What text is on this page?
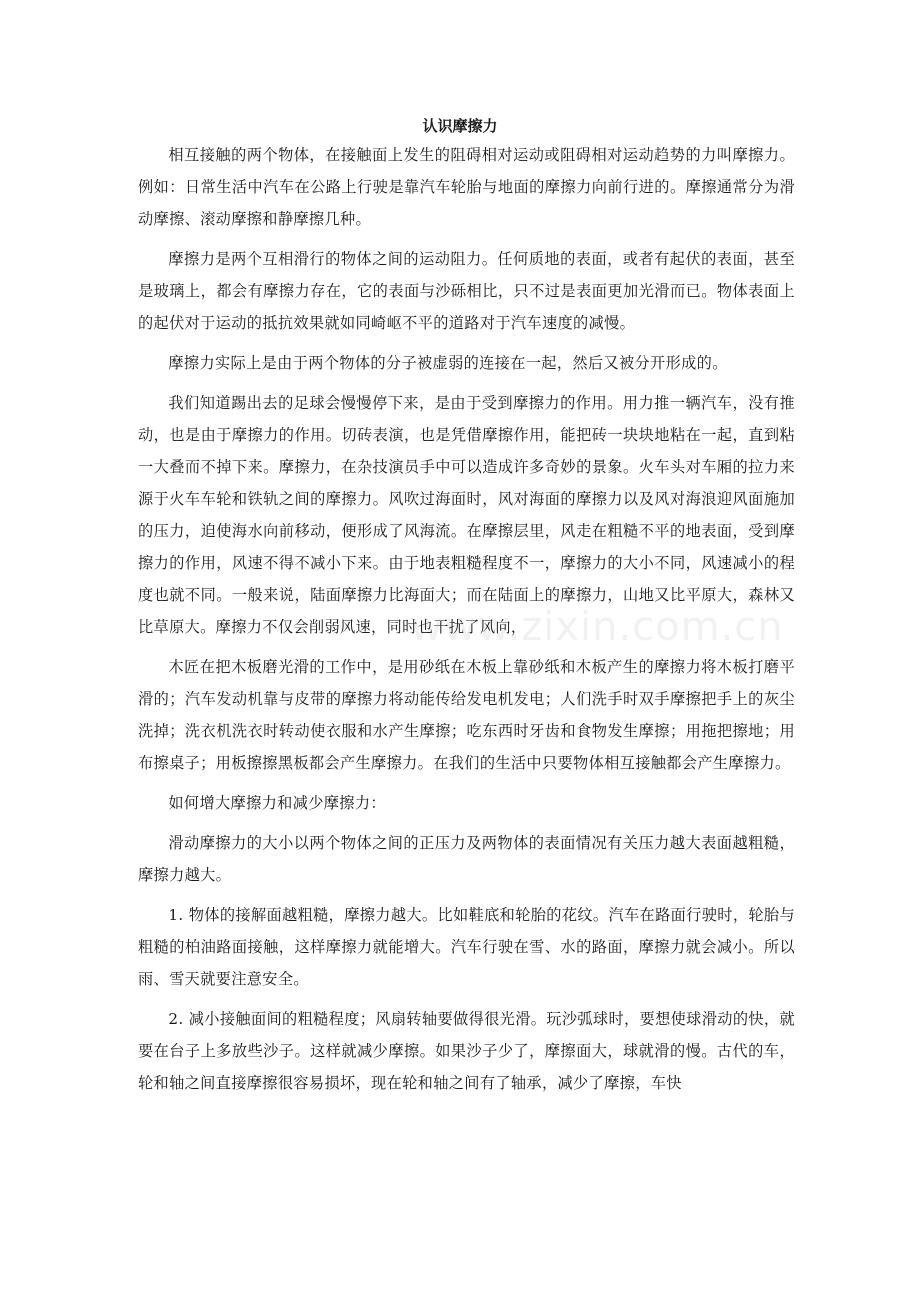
认识摩擦力

相互接触的两个物体，在接触面上发生的阻碍相对运动或阻碍相对运动趋势的力叫摩擦力。例如：日常生活中汽车在公路上行驶是靠汽车轮胎与地面的摩擦力向前行进的。摩擦通常分为滑动摩擦、滚动摩擦和静摩擦几种。

摩擦力是两个互相滑行的物体之间的运动阻力。任何质地的表面，或者有起伏的表面，甚至是玻璃上，都会有摩擦力存在，它的表面与沙砾相比，只不过是表面更加光滑而已。物体表面上的起伏对于运动的抵抗效果就如同崎岖不平的道路对于汽车速度的减慢。

摩擦力实际上是由于两个物体的分子被虚弱的连接在一起，然后又被分开形成的。

我们知道踢出去的足球会慢慢停下来，是由于受到摩擦力的作用。用力推一辆汽车，没有推动，也是由于摩擦力的作用。切砖表演，也是凭借摩擦作用，能把砖一块块地粘在一起，直到粘一大叠而不掉下来。摩擦力，在杂技演员手中可以造成许多奇妙的景象。火车头对车厢的拉力来源于火车车轮和铁轨之间的摩擦力。风吹过海面时，风对海面的摩擦力以及风对海浪迎风面施加的压力，迫使海水向前移动，便形成了风海流。在摩擦层里，风走在粗糙不平的地表面，受到摩擦力的作用，风速不得不减小下来。由于地表粗糙程度不一，摩擦力的大小不同，风速减小的程度也就不同。一般来说，陆面摩擦力比海面大；而在陆面上的摩擦力，山地又比平原大，森林又比草原大。摩擦力不仅会削弱风速，同时也干扰了风向，

木匠在把木板磨光滑的工作中，是用砂纸在木板上靠砂纸和木板产生的摩擦力将木板打磨平滑的；汽车发动机靠与皮带的摩擦力将动能传给发电机发电；人们洗手时双手摩擦把手上的灰尘洗掉；洗衣机洗衣时转动使衣服和水产生摩擦；吃东西时牙齿和食物发生摩擦；用拖把擦地；用布擦桌子；用板擦擦黑板都会产生摩擦力。在我们的生活中只要物体相互接触都会产生摩擦力。

如何增大摩擦力和减少摩擦力：

滑动摩擦力的大小以两个物体之间的正压力及两物体的表面情况有关压力越大表面越粗糙，摩擦力越大。

1. 物体的接解面越粗糙，摩擦力越大。比如鞋底和轮胎的花纹。汽车在路面行驶时，轮胎与粗糙的柏油路面接触，这样摩擦力就能增大。汽车行驶在雪、水的路面，摩擦力就会减小。所以雨、雪天就要注意安全。

2. 减小接触面间的粗糙程度；风扇转轴要做得很光滑。玩沙弧球时，要想使球滑动的快，就要在台子上多放些沙子。这样就减少摩擦。如果沙子少了，摩擦面大，球就滑的慢。古代的车，轮和轴之间直接摩擦很容易损坏，现在轮和轴之间有了轴承，减少了摩擦，车快

www.zixin.com.cn
